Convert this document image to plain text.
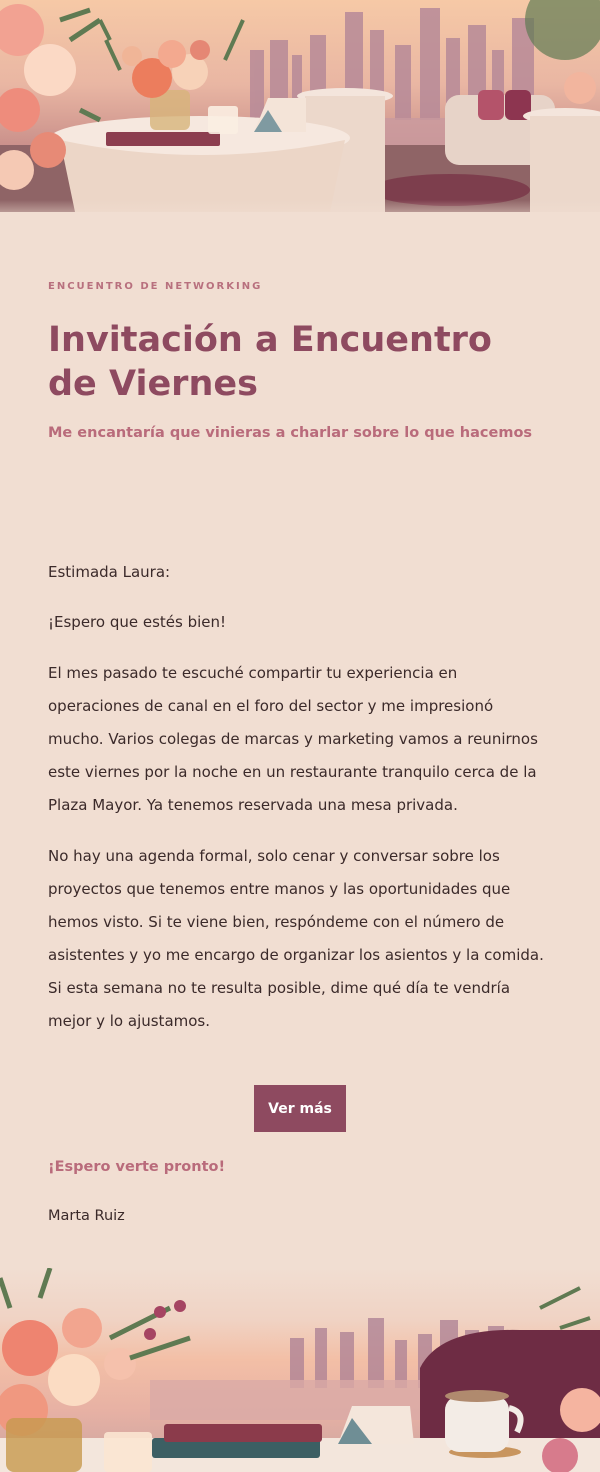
ENCUENTRO DE NETWORKING
Invitación a Encuentro de Viernes
Me encantaría que vinieras a charlar sobre lo que hacemos

Estimada Laura:

¡Espero que estés bien!

El mes pasado te escuché compartir tu experiencia en operaciones de canal en el foro del sector y me impresionó mucho. Varios colegas de marcas y marketing vamos a reunirnos este viernes por la noche en un restaurante tranquilo cerca de la Plaza Mayor. Ya tenemos reservada una mesa privada.

No hay una agenda formal, solo cenar y conversar sobre los proyectos que tenemos entre manos y las oportunidades que hemos visto. Si te viene bien, respóndeme con el número de asistentes y yo me encargo de organizar los asientos y la comida. Si esta semana no te resulta posible, dime qué día te vendría mejor y lo ajustamos.

Ver más
¡Espero verte pronto!
Marta Ruiz
